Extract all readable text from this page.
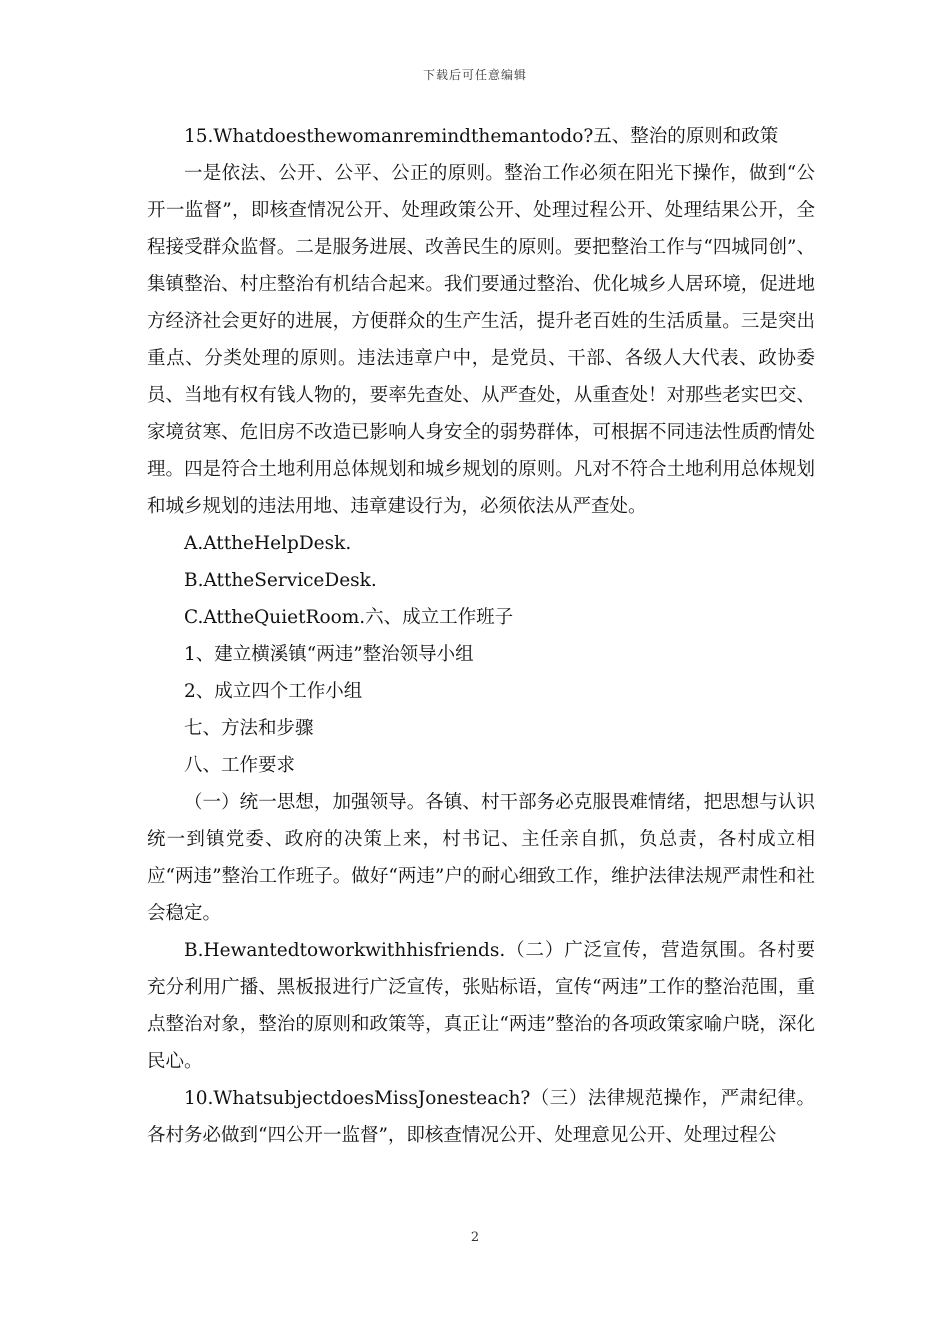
下载后可任意编辑

15.Whatdoesthewomanremindthemantodo?五、整治的原则和政策

一是依法、公开、公平、公正的原则。整治工作必须在阳光下操作，做到“公开一监督”，即核查情况公开、处理政策公开、处理过程公开、处理结果公开，全程接受群众监督。二是服务进展、改善民生的原则。要把整治工作与“四城同创”、集镇整治、村庄整治有机结合起来。我们要通过整治、优化城乡人居环境，促进地方经济社会更好的进展，方便群众的生产生活，提升老百姓的生活质量。三是突出重点、分类处理的原则。违法违章户中，是党员、干部、各级人大代表、政协委员、当地有权有钱人物的，要率先查处、从严查处，从重查处！对那些老实巴交、家境贫寒、危旧房不改造已影响人身安全的弱势群体，可根据不同违法性质酌情处理。四是符合土地利用总体规划和城乡规划的原则。凡对不符合土地利用总体规划和城乡规划的违法用地、违章建设行为，必须依法从严查处。

A.AttheHelpDesk.

B.AttheServiceDesk.

C.AttheQuietRoom.六、成立工作班子

1、建立横溪镇“两违”整治领导小组

2、成立四个工作小组

七、方法和步骤

八、工作要求

（一）统一思想，加强领导。各镇、村干部务必克服畏难情绪，把思想与认识统一到镇党委、政府的决策上来，村书记、主任亲自抓，负总责，各村成立相应“两违”整治工作班子。做好“两违”户的耐心细致工作，维护法律法规严肃性和社会稳定。

B.Hewantedtoworkwithhisfriends.（二）广泛宣传，营造氛围。各村要充分利用广播、黑板报进行广泛宣传，张贴标语，宣传“两违”工作的整治范围，重点整治对象，整治的原则和政策等，真正让“两违”整治的各项政策家喻户晓，深化民心。

10.WhatsubjectdoesMissJonesteach?（三）法律规范操作，严肃纪律。各村务必做到“四公开一监督”，即核查情况公开、处理意见公开、处理过程公

2
